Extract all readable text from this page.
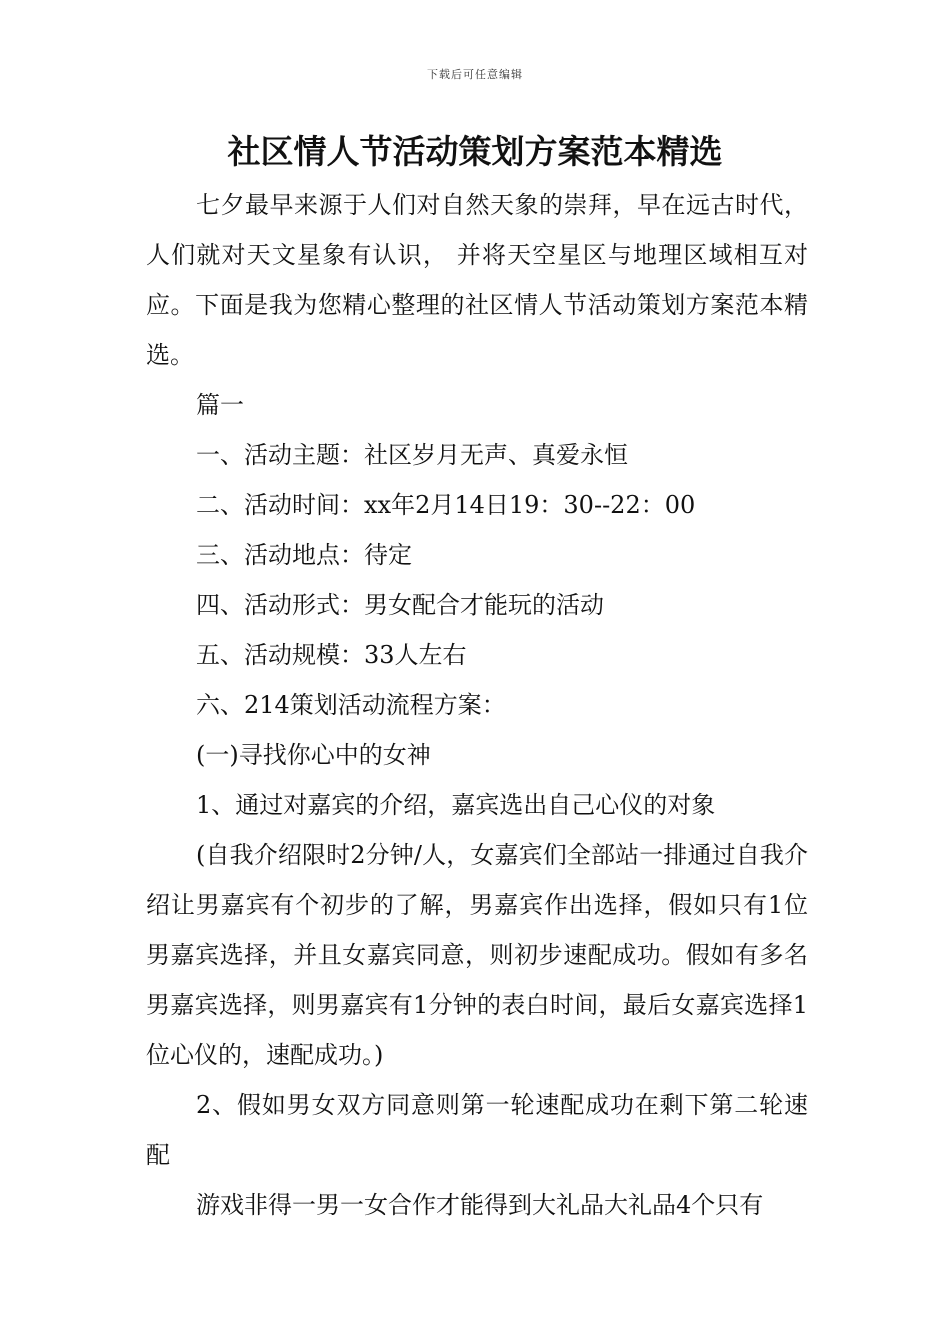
下载后可任意编辑
社区情人节活动策划方案范本精选

七夕最早来源于人们对自然天象的崇拜，早在远古时代，人们就对天文星象有认识， 并将天空星区与地理区域相互对应。下面是我为您精心整理的社区情人节活动策划方案范本精选。

篇一

一、活动主题：社区岁月无声、真爱永恒

二、活动时间：xx年2月14日19：30--22：00

三、活动地点：待定

四、活动形式：男女配合才能玩的活动

五、活动规模：33人左右

六、214策划活动流程方案：

(一)寻找你心中的女神

1、通过对嘉宾的介绍，嘉宾选出自己心仪的对象

(自我介绍限时2分钟/人，女嘉宾们全部站一排通过自我介绍让男嘉宾有个初步的了解，男嘉宾作出选择，假如只有1位男嘉宾选择，并且女嘉宾同意，则初步速配成功。假如有多名男嘉宾选择，则男嘉宾有1分钟的表白时间，最后女嘉宾选择1位心仪的，速配成功。)

2、假如男女双方同意则第一轮速配成功在剩下第二轮速配

游戏非得一男一女合作才能得到大礼品大礼品4个只有
